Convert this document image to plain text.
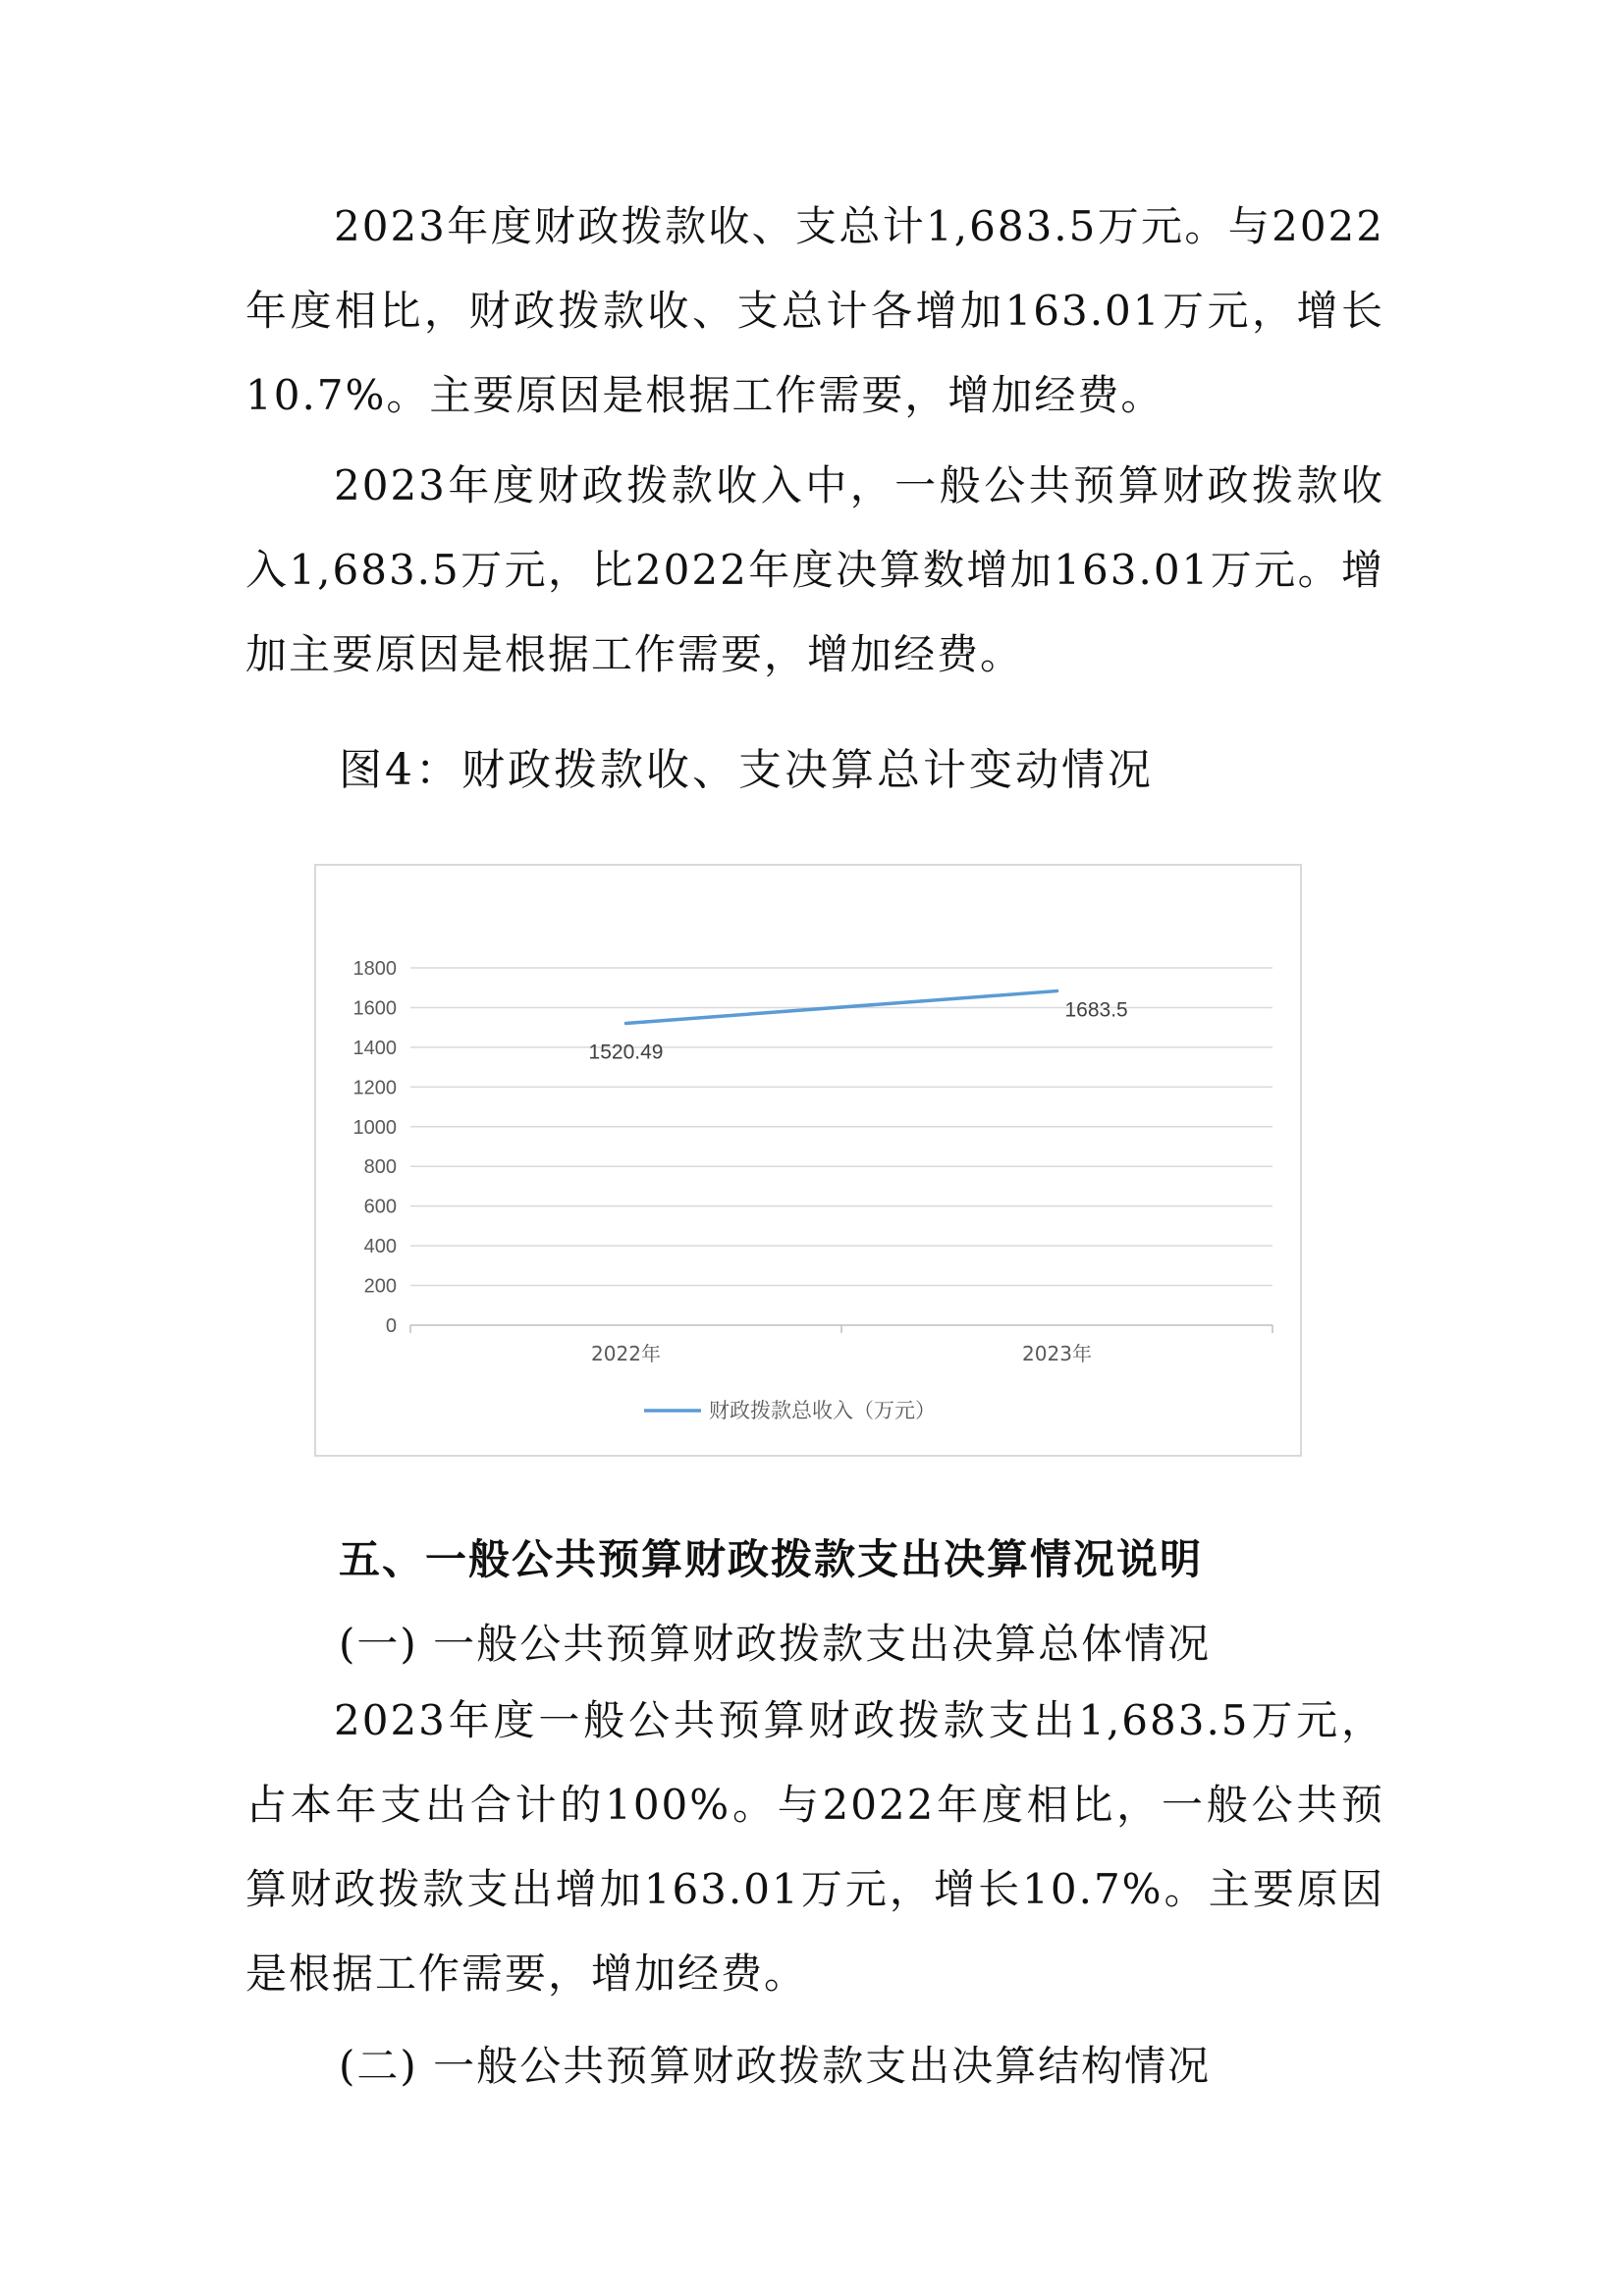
2023年度财政拨款收、支总计1,683.5万元。与2022年度相比，财政拨款收、支总计各增加163.01万元，增长10.7%。主要原因是根据工作需要，增加经费。

2023年度财政拨款收入中，一般公共预算财政拨款收入1,683.5万元，比2022年度决算数增加163.01万元。增加主要原因是根据工作需要，增加经费。

图4：财政拨款收、支决算总计变动情况

0
200
400
600
800
1000
1200
1400
1600
1800
2022年	2023年
1520.49
1683.5
财政拨款总收入（万元）

五、一般公共预算财政拨款支出决算情况说明

(一) 一般公共预算财政拨款支出决算总体情况

2023年度一般公共预算财政拨款支出1,683.5万元，占本年支出合计的100%。与2022年度相比，一般公共预算财政拨款支出增加163.01万元，增长10.7%。主要原因是根据工作需要，增加经费。

(二) 一般公共预算财政拨款支出决算结构情况
